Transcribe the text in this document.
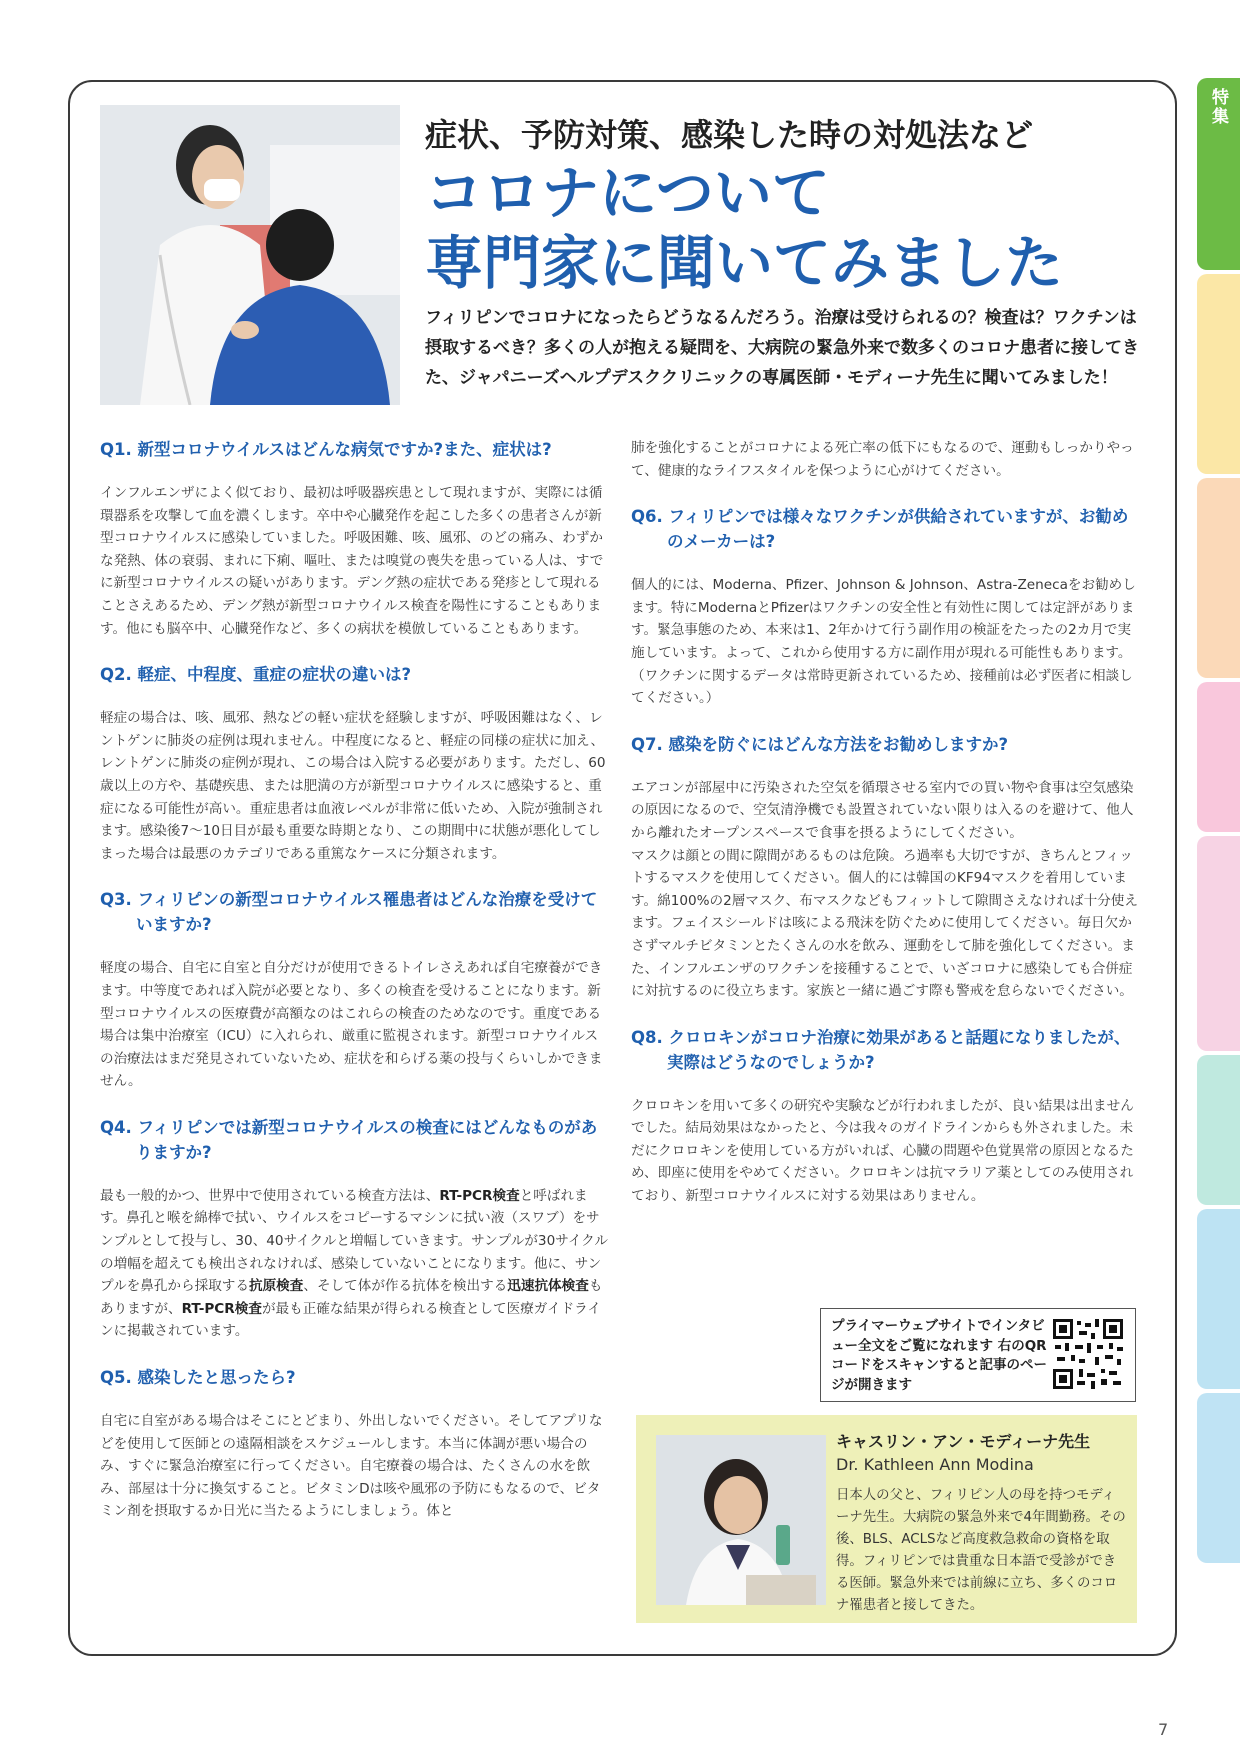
特集
症状、予防対策、感染した時の対処法など
コロナについて
専門家に聞いてみました
フィリピンでコロナになったらどうなるんだろう。治療は受けられるの？検査は？ワクチンは摂取するべき？多くの人が抱える疑問を、大病院の緊急外来で数多くのコロナ患者に接してきた、ジャパニーズヘルプデスククリニックの専属医師・モディーナ先生に聞いてみました！
Q1. 新型コロナウイルスはどんな病気ですか?また、症状は?
インフルエンザによく似ており、最初は呼吸器疾患として現れますが、実際には循環器系を攻撃して血を濃くします。卒中や心臓発作を起こした多くの患者さんが新型コロナウイルスに感染していました。呼吸困難、咳、風邪、のどの痛み、わずかな発熱、体の衰弱、まれに下痢、嘔吐、または嗅覚の喪失を患っている人は、すでに新型コロナウイルスの疑いがあります。デング熱の症状である発疹として現れることさえあるため、デング熱が新型コロナウイルス検査を陽性にすることもあります。他にも脳卒中、心臓発作など、多くの病状を模倣していることもあります。
Q2. 軽症、中程度、重症の症状の違いは?
軽症の場合は、咳、風邪、熱などの軽い症状を経験しますが、呼吸困難はなく、レントゲンに肺炎の症例は現れません。中程度になると、軽症の同様の症状に加え、レントゲンに肺炎の症例が現れ、この場合は入院する必要があります。ただし、60歳以上の方や、基礎疾患、または肥満の方が新型コロナウイルスに感染すると、重症になる可能性が高い。重症患者は血液レベルが非常に低いため、入院が強制されます。感染後7～10日目が最も重要な時期となり、この期間中に状態が悪化してしまった場合は最悪のカテゴリである重篤なケースに分類されます。
Q3. フィリピンの新型コロナウイルス罹患者はどんな治療を受けていますか?
軽度の場合、自宅に自室と自分だけが使用できるトイレさえあれば自宅療養ができます。中等度であれば入院が必要となり、多くの検査を受けることになります。新型コロナウイルスの医療費が高額なのはこれらの検査のためなのです。重度である場合は集中治療室（ICU）に入れられ、厳重に監視されます。新型コロナウイルスの治療法はまだ発見されていないため、症状を和らげる薬の投与くらいしかできません。
Q4. フィリピンでは新型コロナウイルスの検査にはどんなものがありますか?
最も一般的かつ、世界中で使用されている検査方法は、RT-PCR検査と呼ばれます。鼻孔と喉を綿棒で拭い、ウイルスをコピーするマシンに拭い液（スワブ）をサンプルとして投与し、30、40サイクルと増幅していきます。サンプルが30サイクルの増幅を超えても検出されなければ、感染していないことになります。他に、サンプルを鼻孔から採取する抗原検査、そして体が作る抗体を検出する迅速抗体検査もありますが、RT-PCR検査が最も正確な結果が得られる検査として医療ガイドラインに掲載されています。
Q5. 感染したと思ったら?
自宅に自室がある場合はそこにとどまり、外出しないでください。そしてアプリなどを使用して医師との遠隔相談をスケジュールします。本当に体調が悪い場合のみ、すぐに緊急治療室に行ってください。自宅療養の場合は、たくさんの水を飲み、部屋は十分に換気すること。ビタミンDは咳や風邪の予防にもなるので、ビタミン剤を摂取するか日光に当たるようにしましょう。体と
肺を強化することがコロナによる死亡率の低下にもなるので、運動もしっかりやって、健康的なライフスタイルを保つように心がけてください。
Q6. フィリピンでは様々なワクチンが供給されていますが、お勧めのメーカーは?
個人的には、Moderna、Pfizer、Johnson & Johnson、Astra-Zenecaをお勧めします。特にModernaとPfizerはワクチンの安全性と有効性に関しては定評があります。緊急事態のため、本来は1、2年かけて行う副作用の検証をたったの2カ月で実施しています。よって、これから使用する方に副作用が現れる可能性もあります。（ワクチンに関するデータは常時更新されているため、接種前は必ず医者に相談してください。）
Q7. 感染を防ぐにはどんな方法をお勧めしますか?
エアコンが部屋中に汚染された空気を循環させる室内での買い物や食事は空気感染の原因になるので、空気清浄機でも設置されていない限りは入るのを避けて、他人から離れたオープンスペースで食事を摂るようにしてください。
マスクは顔との間に隙間があるものは危険。ろ過率も大切ですが、きちんとフィットするマスクを使用してください。個人的には韓国のKF94マスクを着用しています。綿100%の2層マスク、布マスクなどもフィットして隙間さえなければ十分使えます。フェイスシールドは咳による飛沫を防ぐために使用してください。毎日欠かさずマルチビタミンとたくさんの水を飲み、運動をして肺を強化してください。また、インフルエンザのワクチンを接種することで、いざコロナに感染しても合併症に対抗するのに役立ちます。家族と一緒に過ごす際も警戒を怠らないでください。
Q8. クロロキンがコロナ治療に効果があると話題になりましたが、実際はどうなのでしょうか?
クロロキンを用いて多くの研究や実験などが行われましたが、良い結果は出ませんでした。結局効果はなかったと、今は我々のガイドラインからも外されました。未だにクロロキンを使用している方がいれば、心臓の問題や色覚異常の原因となるため、即座に使用をやめてください。クロロキンは抗マラリア薬としてのみ使用されており、新型コロナウイルスに対する効果はありません。
プライマーウェブサイトでインタビュー全文をご覧になれます 右のQRコードをスキャンすると記事のページが開きます
キャスリン・アン・モディーナ先生
Dr. Kathleen Ann Modina
日本人の父と、フィリピン人の母を持つモディーナ先生。大病院の緊急外来で4年間勤務。その後、BLS、ACLSなど高度救急救命の資格を取得。フィリピンでは貴重な日本語で受診ができる医師。緊急外来では前線に立ち、多くのコロナ罹患者と接してきた。
7
